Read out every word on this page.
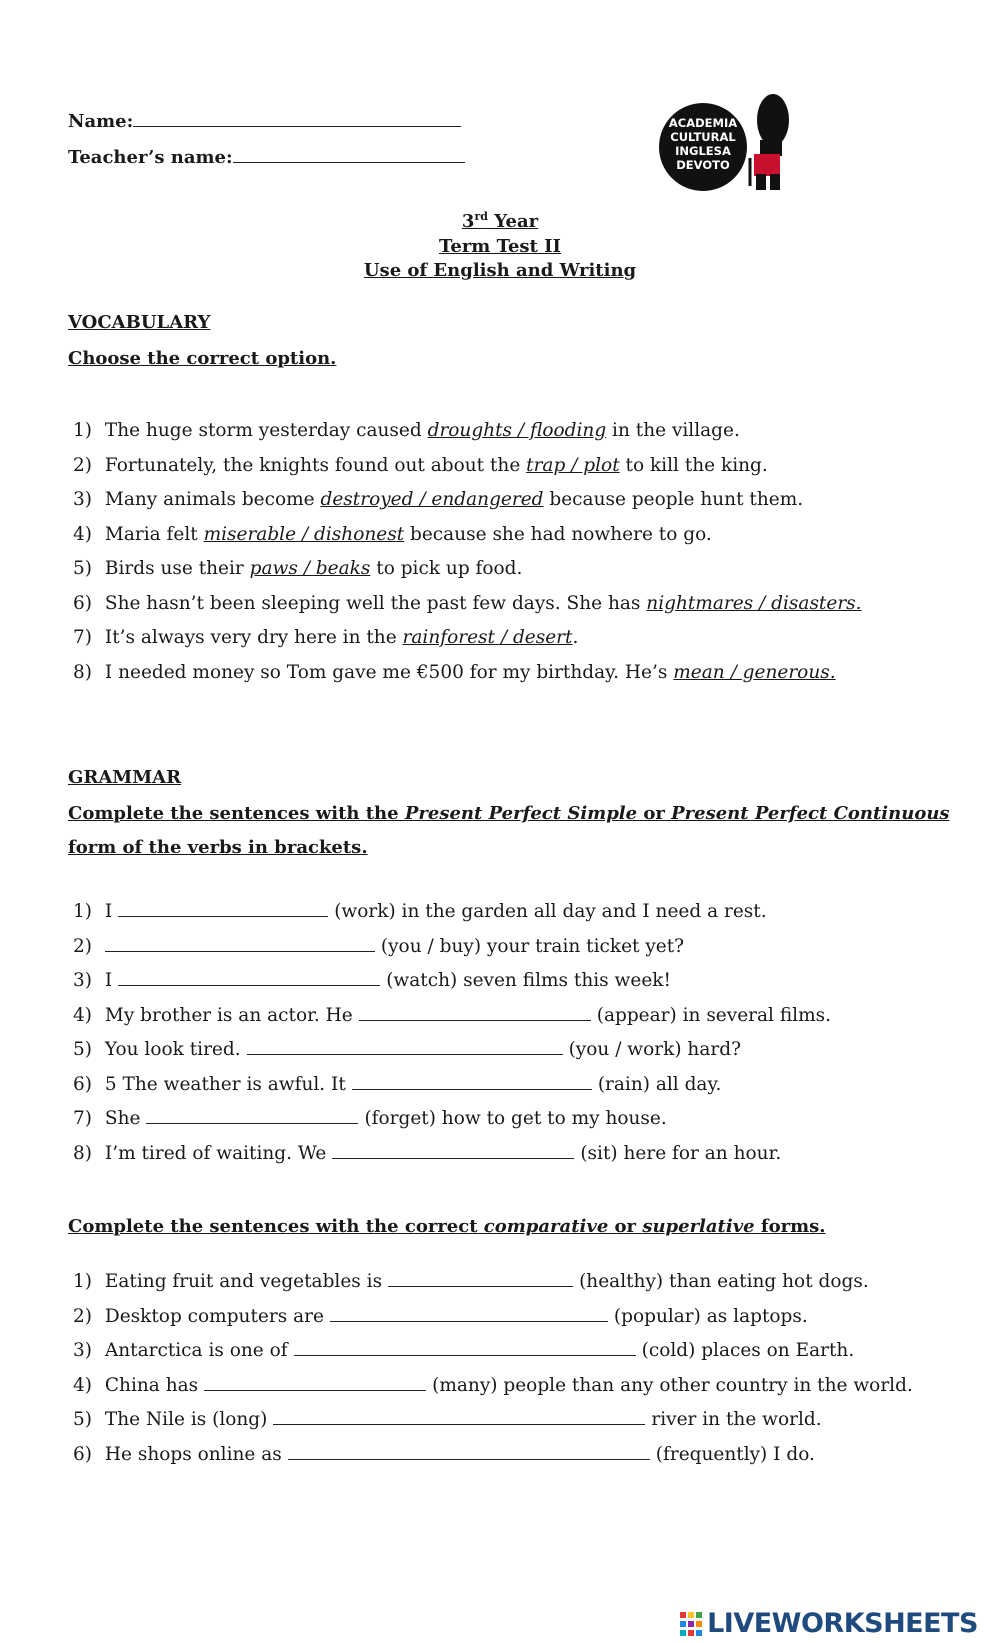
Name:
Teacher’s name:
ACADEMIA
CULTURAL
INGLESA
DEVOTO
3rd Year
Term Test II
Use of English and Writing
VOCABULARY
Choose the correct option.
1) The huge storm yesterday caused droughts / flooding in the village.
2) Fortunately, the knights found out about the trap / plot to kill the king.
3) Many animals become destroyed / endangered because people hunt them.
4) Maria felt miserable / dishonest because she had nowhere to go.
5) Birds use their paws / beaks to pick up food.
6) She hasn’t been sleeping well the past few days. She has nightmares / disasters.
7) It’s always very dry here in the rainforest / desert.
8) I needed money so Tom gave me €500 for my birthday. He’s mean / generous.
GRAMMAR
Complete the sentences with the Present Perfect Simple or Present Perfect Continuous
form of the verbs in brackets.
1) I	(work) in the garden all day and I need a rest.
2)	(you / buy) your train ticket yet?
3) I	(watch) seven films this week!
4) My brother is an actor. He	(appear) in several films.
5) You look tired.	(you / work) hard?
6) 5 The weather is awful. It	(rain) all day.
7) She	(forget) how to get to my house.
8) I’m tired of waiting. We	(sit) here for an hour.
Complete the sentences with the correct comparative or superlative forms.
1) Eating fruit and vegetables is	(healthy) than eating hot dogs.
2) Desktop computers are	(popular) as laptops.
3) Antarctica is one of	(cold) places on Earth.
4) China has	(many) people than any other country in the world.
5) The Nile is (long)	river in the world.
6) He shops online as	(frequently) I do.
LIVEWORKSHEETS
